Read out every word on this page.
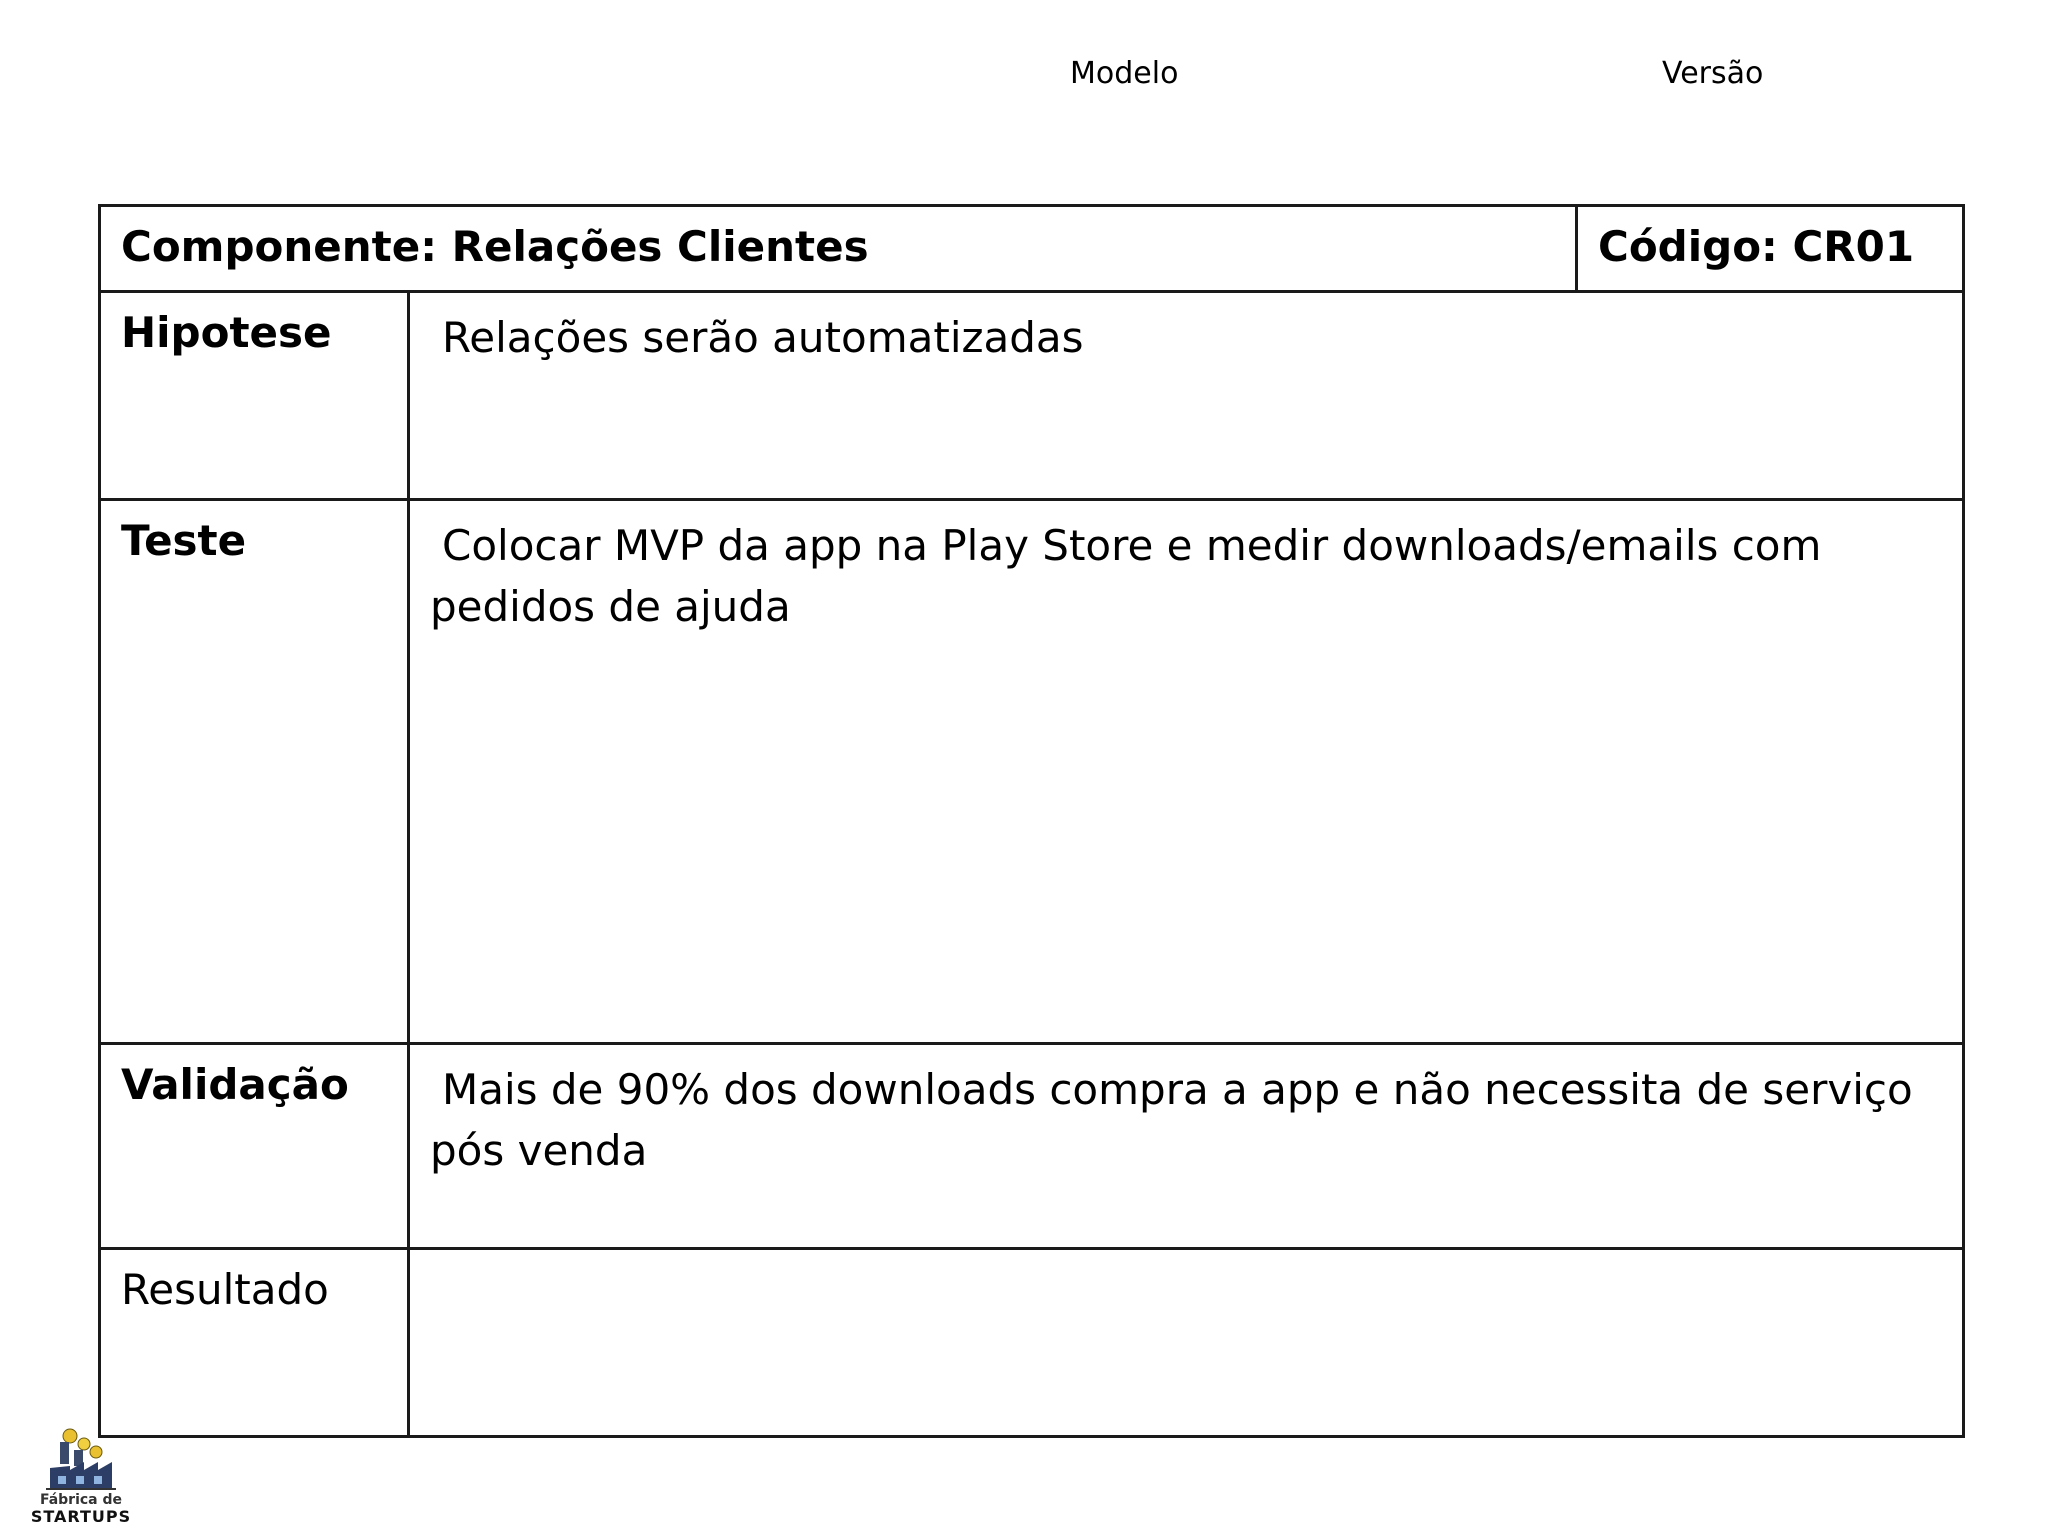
Modelo	Versão
Componente: Relações Clientes	Código: CR01
Hipotese	Relações serão automatizadas
Teste	Colocar MVP da app na Play Store e medir downloads/emails com pedidos de ajuda
Validação Mais de 90% dos downloads compra a app e não necessita de serviço pós venda
Resultado
Fábrica de
STARTUPS
